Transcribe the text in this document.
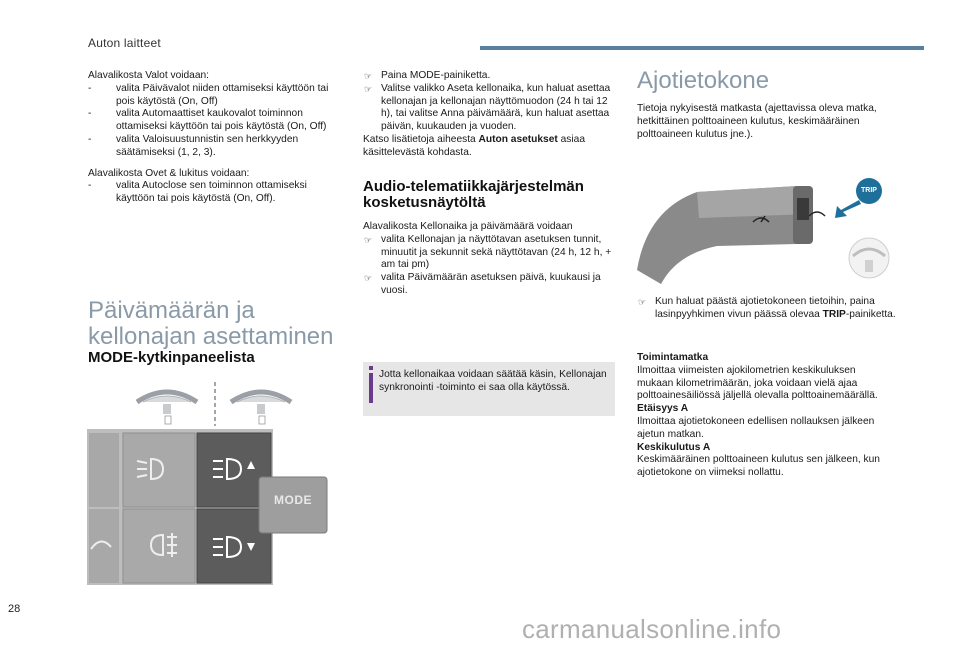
Auton laitteet

Alavalikosta Valot voidaan:

- valita Päivävalot niiden ottamiseksi käyttöön tai pois käytöstä (On, Off)

- valita Automaattiset kaukovalot toiminnon ottamiseksi käyttöön tai pois käytöstä (On, Off)

- valita Valoisuustunnistin sen herkkyyden säätämiseksi (1, 2, 3).

Alavalikosta Ovet & lukitus voidaan:

- valita Autoclose sen toiminnon ottamiseksi käyttöön tai pois käytöstä (On, Off).

Päivämäärän ja kellonajan asettaminen
MODE-kytkinpaneelista
MODE

☞ Paina MODE-painiketta.

☞ Valitse valikko Aseta kellonaika, kun haluat asettaa kellonajan ja kellonajan näyttömuodon (24 h tai 12 h), tai valitse Anna päivämäärä, kun haluat asettaa päivän, kuukauden ja vuoden.

Katso lisätietoja aiheesta Auton asetukset asiaa käsittelevästä kohdasta.

Audio-telematiikkajärjestelmän kosketusnäytöltä

Alavalikosta Kellonaika ja päivämäärä voidaan

☞ valita Kellonajan ja näyttötavan asetuksen tunnit, minuutit ja sekunnit sekä näyttötavan (24 h, 12 h, + am tai pm)

☞ valita Päivämäärän asetuksen päivä, kuukausi ja vuosi.

Jotta kellonaikaa voidaan säätää käsin, Kellonajan synkronointi -toiminto ei saa olla käytössä.
Ajotietokone
Tietoja nykyisestä matkasta (ajettavissa oleva matka, hetkittäinen polttoaineen kulutus, keskimääräinen polttoaineen kulutus jne.).
TRIP

☞ Kun haluat päästä ajotietokoneen tietoihin, paina lasinpyyhkimen vivun päässä olevaa TRIP-painiketta.

Toimintamatka

Ilmoittaa viimeisten ajokilometrien keskikuluksen mukaan kilometrimäärän, joka voidaan vielä ajaa polttoainesäiliössä jäljellä olevalla polttoainemäärällä.

Etäisyys A

Ilmoittaa ajotietokoneen edellisen nollauksen jälkeen ajetun matkan.

Keskikulutus A

Keskimääräinen polttoaineen kulutus sen jälkeen, kun ajotietokone on viimeksi nollattu.

28
carmanualsonline.info
